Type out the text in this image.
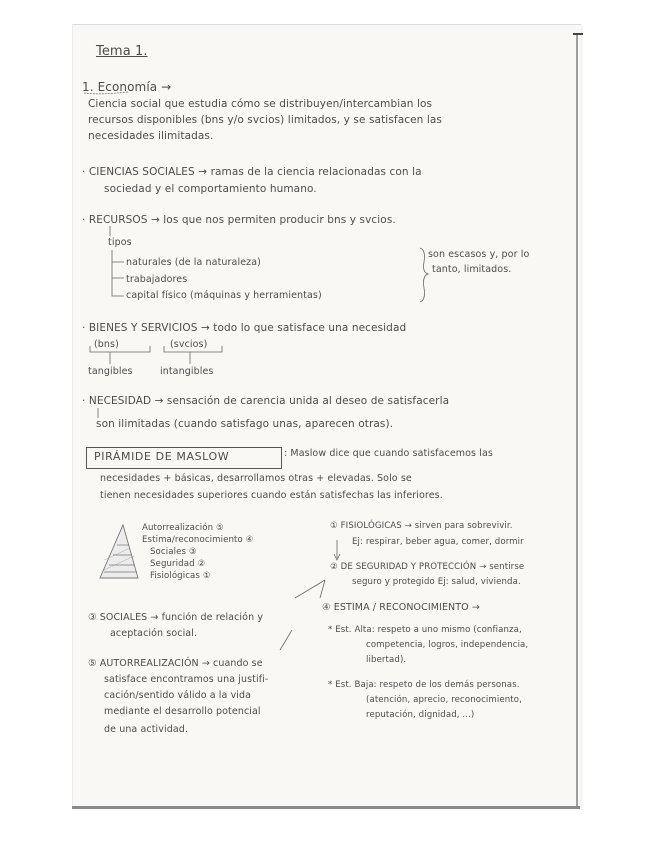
Tema 1.
1. Economía →
Ciencia social que estudia cómo se distribuyen/intercambian los
recursos disponibles (bns y/o svcios) limitados, y se satisfacen las
necesidades ilimitadas.
· CIENCIAS SOCIALES → ramas de la ciencia relacionadas con la
sociedad y el comportamiento humano.
· RECURSOS → los que nos permiten producir bns y svcios.
tipos
naturales (de la naturaleza)
trabajadores
capital físico (máquinas y herramientas)
son escasos y, por lo
tanto, limitados.
· BIENES Y SERVICIOS → todo lo que satisface una necesidad
(bns)	(svcios)
tangibles	intangibles
· NECESIDAD → sensación de carencia unida al deseo de satisfacerla
son ilimitadas (cuando satisfago unas, aparecen otras).
PIRÁMIDE DE MASLOW	: Maslow dice que cuando satisfacemos las
necesidades + básicas, desarrollamos otras + elevadas. Solo se
tienen necesidades superiores cuando están satisfechas las inferiores.
Autorrealización ⑤
Estima/reconocimiento ④
Sociales ③
Seguridad ②
Fisiológicas ①
① FISIOLÓGICAS → sirven para sobrevivir.
Ej: respirar, beber agua, comer, dormir
② DE SEGURIDAD Y PROTECCIÓN → sentirse
seguro y protegido Ej: salud, vivienda.
③ SOCIALES → función de relación y
aceptación social.
④ ESTIMA / RECONOCIMIENTO →
* Est. Alta: respeto a uno mismo (confianza,
competencia, logros, independencia,
libertad).
* Est. Baja: respeto de los demás personas.
(atención, aprecio, reconocimiento,
reputación, dignidad, ...)
⑤ AUTORREALIZACIÓN → cuando se
satisface encontramos una justifi-
cación/sentido válido a la vida
mediante el desarrollo potencial
de una actividad.
